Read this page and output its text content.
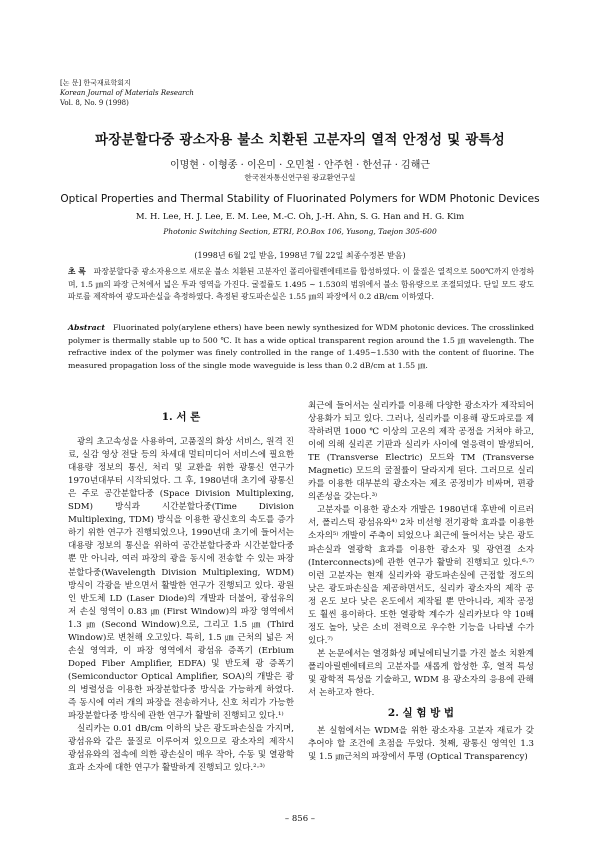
[논 문] 한국재료학회지
Korean Journal of Materials Research
Vol. 8, No. 9 (1998)
파장분할다중 광소자용 불소 치환된 고분자의 열적 안정성 및 광특성
이명현 · 이형종 · 이은미 · 오민철 · 안주헌 · 한선규 · 김해근
한국전자통신연구원 광교환연구실
Optical Properties and Thermal Stability of Fluorinated Polymers for WDM Photonic Devices
M. H. Lee, H. J. Lee, E. M. Lee, M.-C. Oh, J.-H. Ahn, S. G. Han and H. G. Kim
Photonic Switching Section, ETRI, P.O.Box 106, Yusong, Taejon 305-600
(1998년 6월 2일 받음, 1998년 7월 22일 최종수정본 받음)
초 록 파장분할다중 광소자용으로 새로운 불소 치환된 고분자인 폴리아릴렌에테르를 합성하였다. 이 물질은 열적으로 500℃까지 안정하며, 1.5 ㎛의 파장 근처에서 넓은 투과 영역을 가진다. 굴절률도 1.495 ~ 1.530의 범위에서 불소 함유량으로 조절되었다. 단일 모드 광도파로를 제작하여 광도파손실을 측정하였다. 측정된 광도파손실은 1.55 ㎛의 파장에서 0.2 dB/cm 이하였다.
Abstract Fluorinated poly(arylene ethers) have been newly synthesized for WDM photonic devices. The crosslinked polymer is thermally stable up to 500 ℃. It has a wide optical transparent region around the 1.5 ㎛ wavelength. The refractive index of the polymer was finely controlled in the range of 1.495~1.530 with the content of fluorine. The measured propagation loss of the single mode waveguide is less than 0.2 dB/cm at 1.55 ㎛.
1. 서 론

광의 초고속성을 사용하여, 고품질의 화상 서비스, 원격 진료, 실감 영상 전달 등의 차세대 멀티미디어 서비스에 필요한 대용량 정보의 통신, 처리 및 교환을 위한 광통신 연구가 1970년대부터 시작되었다. 그 후, 1980년대 초기에 광통신은 주로 공간분할다중 (Space Division Multiplexing, SDM) 방식과 시간분할다중(Time Division Multiplexing, TDM) 방식을 이용한 광신호의 속도를 증가하기 위한 연구가 진행되었으나, 1990년대 초기에 들어서는 대용량 정보의 통신을 위하여 공간분할다중과 시간분할다중뿐 만 아니라, 여러 파장의 광을 동시에 전송할 수 있는 파장분할다중(Wavelength Division Multiplexing, WDM) 방식이 각광을 받으면서 활발한 연구가 진행되고 있다. 광원인 반도체 LD (Laser Diode)의 개발과 더불어, 광섬유의 저 손실 영역이 0.83 ㎛ (First Window)의 파장 영역에서 1.3 ㎛ (Second Window)으로, 그리고 1.5 ㎛ (Third Window)로 변천해 오고있다. 특히, 1.5 ㎛ 근처의 넓은 저손실 영역과, 이 파장 영역에서 광섬유 증폭기 (Erbium Doped Fiber Amplifier, EDFA) 및 반도체 광 증폭기 (Semiconductor Optical Amplifier, SOA)의 개발은 광의 병렬성을 이용한 파장분할다중 방식을 가능하게 하였다. 즉 동시에 여러 개의 파장을 전송하거나, 신호 처리가 가능한 파장분할다중 방식에 관한 연구가 활발히 진행되고 있다.¹⁾

실리카는 0.01 dB/cm 이하의 낮은 광도파손실을 가지며, 광섬유와 같은 물질로 이루어져 있으므로 광소자의 제작시 광섬유와의 접속에 의한 광손실이 매우 작아, 수동 및 열광학효과 소자에 대한 연구가 활발하게 진행되고 있다.²·³⁾

최근에 들어서는 실리카를 이용해 다양한 광소자가 제작되어 상용화가 되고 있다. 그러나, 실리카를 이용해 광도파로를 제작하려면 1000 ℃ 이상의 고온의 제작 공정을 거쳐야 하고, 이에 의해 실리콘 기판과 실리카 사이에 열응력이 발생되어, TE (Transverse Electric) 모드와 TM (Transverse Magnetic) 모드의 굴절률이 달라지게 된다. 그러므로 실리카를 이용한 대부분의 광소자는 제조 공정비가 비싸며, 편광 의존성을 갖는다.³⁾

고분자를 이용한 광소자 개발은 1980년대 후반에 이르러서, 폴리스틱 광섬유와⁴⁾ 2차 비선형 전기광학 효과를 이용한 소자의⁵⁾ 개발이 주축이 되었으나 최근에 들어서는 낮은 광도파손실과 열광학 효과를 이용한 광소자 및 광연결 소자 (Interconnects)에 관한 연구가 활발히 진행되고 있다.⁶·⁷⁾ 이런 고분자는 현재 실리카와 광도파손실에 근접할 정도의 낮은 광도파손실을 제공하면서도, 실리카 광소자의 제작 공정 온도 보다 낮은 온도에서 제작될 뿐 만아니라, 제작 공정도 훨씬 용이하다. 또한 열광학 계수가 실리카보다 약 10배정도 높아, 낮은 소비 전력으로 우수한 기능을 나타낼 수가 있다.⁷⁾

본 논문에서는 열경화성 페닐에티닐기를 가진 불소 치환계 폴리아릴렌에테르의 고분자를 새롭게 합성한 후, 열적 특성 및 광학적 특성을 기술하고, WDM 용 광소자의 응용에 관해서 논하고자 한다.

2. 실 험 방 법

본 실험에서는 WDM을 위한 광소자용 고분자 재료가 갖추어야 할 조건에 초점을 두었다. 첫째, 광통신 영역인 1.3 및 1.5 ㎛근처의 파장에서 투명 (Optical Transparency)

– 856 –
